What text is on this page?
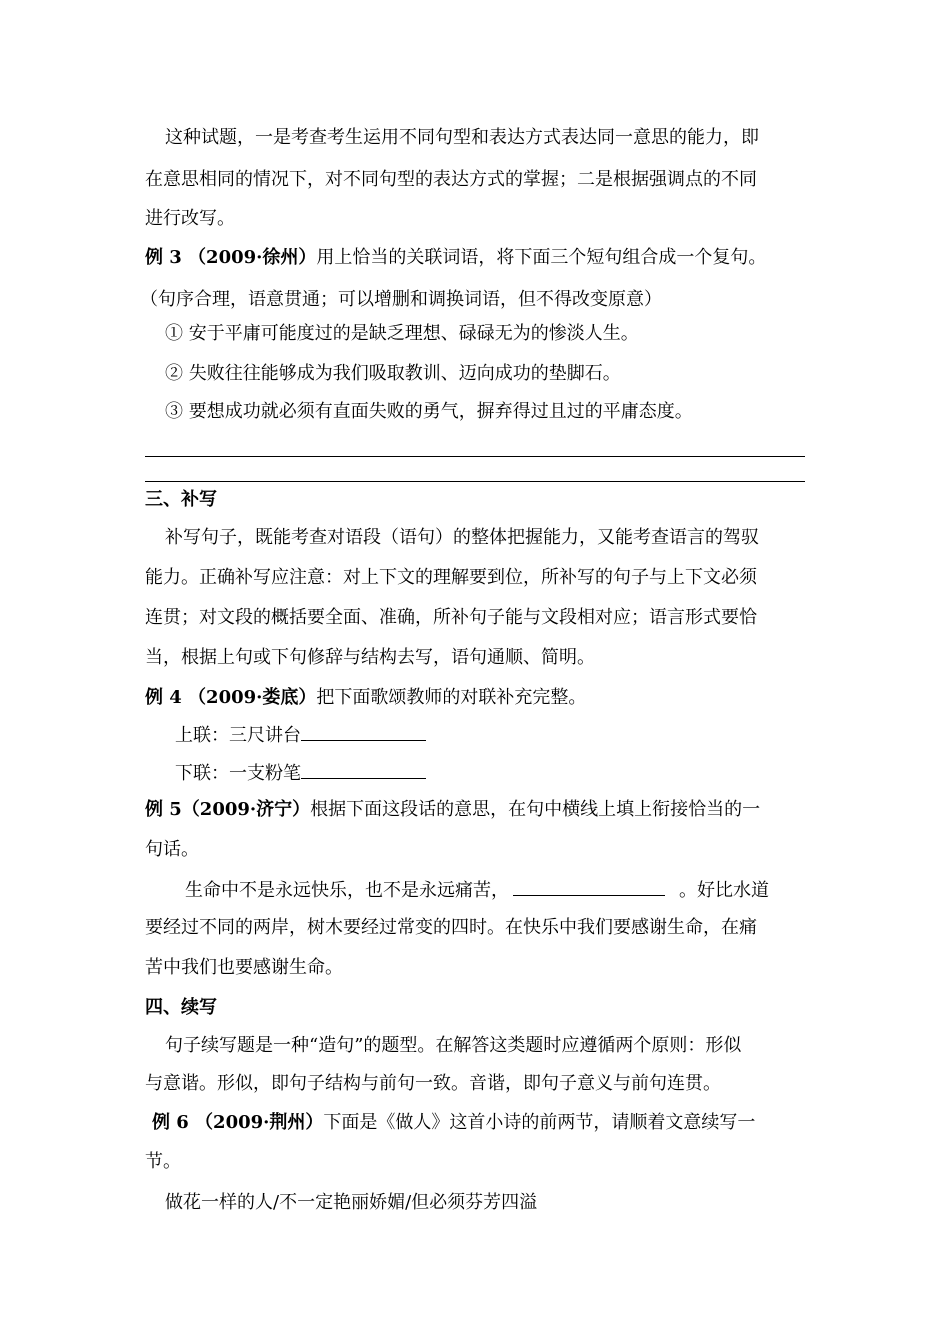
这种试题，一是考查考生运用不同句型和表达方式表达同一意思的能力，即
在意思相同的情况下，对不同句型的表达方式的掌握；二是根据强调点的不同
进行改写。
例 3 （2009·徐州）用上恰当的关联词语，将下面三个短句组合成一个复句。
（句序合理，语意贯通；可以增删和调换词语，但不得改变原意）
① 安于平庸可能度过的是缺乏理想、碌碌无为的惨淡人生。
② 失败往往能够成为我们吸取教训、迈向成功的垫脚石。
③ 要想成功就必须有直面失败的勇气，摒弃得过且过的平庸态度。
三、补写
补写句子，既能考查对语段（语句）的整体把握能力，又能考查语言的驾驭
能力。正确补写应注意：对上下文的理解要到位，所补写的句子与上下文必须
连贯；对文段的概括要全面、准确，所补句子能与文段相对应；语言形式要恰
当，根据上句或下句修辞与结构去写，语句通顺、简明。
例 4 （2009·娄底）把下面歌颂教师的对联补充完整。
上联：三尺讲台
下联：一支粉笔
例 5（2009·济宁）根据下面这段话的意思，在句中横线上填上衔接恰当的一
句话。
生命中不是永远快乐，也不是永远痛苦，	。好比水道
要经过不同的两岸，树木要经过常变的四时。在快乐中我们要感谢生命，在痛
苦中我们也要感谢生命。
四、续写
句子续写题是一种“造句”的题型。在解答这类题时应遵循两个原则：形似
与意谐。形似，即句子结构与前句一致。音谐，即句子意义与前句连贯。
例 6 （2009·荆州）下面是《做人》这首小诗的前两节，请顺着文意续写一
节。
做花一样的人/不一定艳丽娇媚/但必须芬芳四溢
